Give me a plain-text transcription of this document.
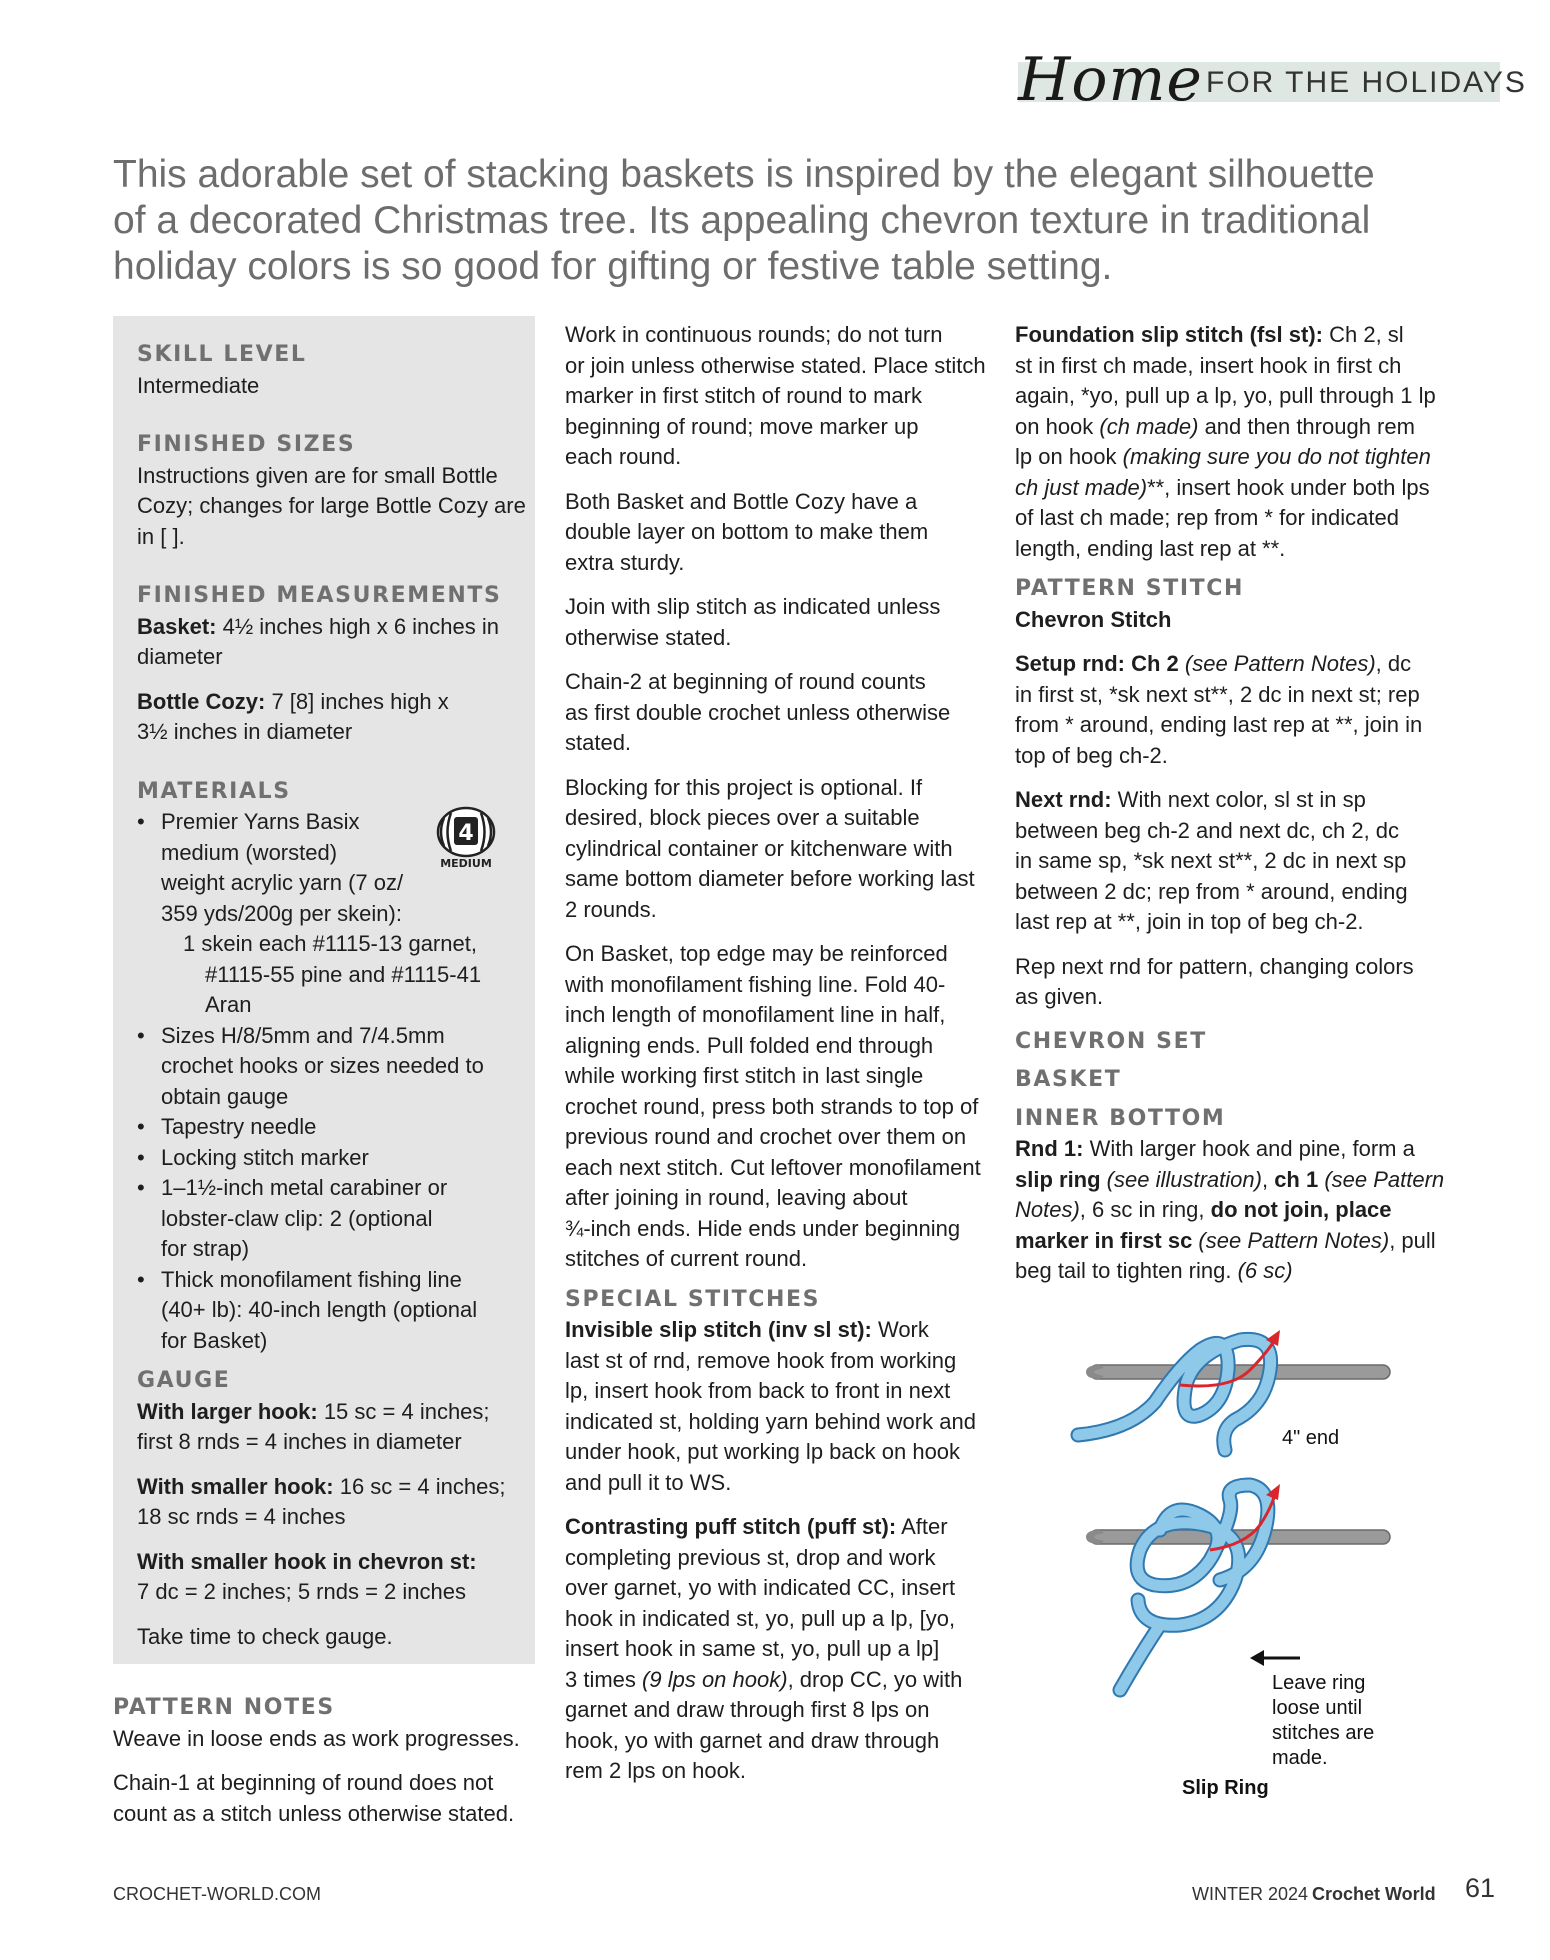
Home FOR THE HOLIDAYS

This adorable set of stacking baskets is inspired by the elegant silhouette

of a decorated Christmas tree. Its appealing chevron texture in traditional

holiday colors is so good for gifting or festive table setting.

SKILL LEVEL

Intermediate

FINISHED SIZES

Instructions given are for small Bottle

Cozy; changes for large Bottle Cozy are

in [ ].

FINISHED MEASUREMENTS

Basket: 4½ inches high x 6 inches in

diameter

Bottle Cozy: 7 [8] inches high x

3½ inches in diameter

MATERIALS
• Premier Yarns Basix
medium (worsted)
weight acrylic yarn (7 oz/
359 yds/200g per skein):
1 skein each #1115-13 garnet,
#1115-55 pine and #1115-41 Aran
• Sizes H/8/5mm and 7/4.5mm
crochet hooks or sizes needed to
obtain gauge
• Tapestry needle
• Locking stitch marker
• 1–1½-inch metal carabiner or
lobster-claw clip: 2 (optional
for strap)
• Thick monofilament fishing line
(40+ lb): 40-inch length (optional
for Basket)
GAUGE

With larger hook: 15 sc = 4 inches;

first 8 rnds = 4 inches in diameter

With smaller hook: 16 sc = 4 inches;

18 sc rnds = 4 inches

With smaller hook in chevron st:

7 dc = 2 inches; 5 rnds = 2 inches

Take time to check gauge.

4
MEDIUM
PATTERN NOTES

Weave in loose ends as work progresses.

Chain-1 at beginning of round does not

count as a stitch unless otherwise stated.

Work in continuous rounds; do not turn

or join unless otherwise stated. Place stitch

marker in first stitch of round to mark

beginning of round; move marker up

each round.

Both Basket and Bottle Cozy have a

double layer on bottom to make them

extra sturdy.

Join with slip stitch as indicated unless

otherwise stated.

Chain-2 at beginning of round counts

as first double crochet unless otherwise

stated.

Blocking for this project is optional. If

desired, block pieces over a suitable

cylindrical container or kitchenware with

same bottom diameter before working last

2 rounds.

On Basket, top edge may be reinforced

with monofilament fishing line. Fold 40-

inch length of monofilament line in half,

aligning ends. Pull folded end through

while working first stitch in last single

crochet round, press both strands to top of

previous round and crochet over them on

each next stitch. Cut leftover monofilament

after joining in round, leaving about

¾-inch ends. Hide ends under beginning

stitches of current round.

SPECIAL STITCHES

Invisible slip stitch (inv sl st): Work

last st of rnd, remove hook from working

lp, insert hook from back to front in next

indicated st, holding yarn behind work and

under hook, put working lp back on hook

and pull it to WS.

Contrasting puff stitch (puff st): After

completing previous st, drop and work

over garnet, yo with indicated CC, insert

hook in indicated st, yo, pull up a lp, [yo,

insert hook in same st, yo, pull up a lp]

3 times (9 lps on hook), drop CC, yo with

garnet and draw through first 8 lps on

hook, yo with garnet and draw through

rem 2 lps on hook.

Foundation slip stitch (fsl st): Ch 2, sl

st in first ch made, insert hook in first ch

again, *yo, pull up a lp, yo, pull through 1 lp

on hook (ch made) and then through rem

lp on hook (making sure you do not tighten

ch just made)**, insert hook under both lps

of last ch made; rep from * for indicated

length, ending last rep at **.

PATTERN STITCH

Chevron Stitch

Setup rnd: Ch 2 (see Pattern Notes), dc

in first st, *sk next st**, 2 dc in next st; rep

from * around, ending last rep at **, join in

top of beg ch-2.

Next rnd: With next color, sl st in sp

between beg ch-2 and next dc, ch 2, dc

in same sp, *sk next st**, 2 dc in next sp

between 2 dc; rep from * around, ending

last rep at **, join in top of beg ch-2.

Rep next rnd for pattern, changing colors

as given.

CHEVRON SET
BASKET
INNER BOTTOM

Rnd 1: With larger hook and pine, form a

slip ring (see illustration), ch 1 (see Pattern

Notes), 6 sc in ring, do not join, place

marker in first sc (see Pattern Notes), pull

beg tail to tighten ring. (6 sc)

4" end
Leave ring loose until stitches are made.
Slip Ring
CROCHET-WORLD.COM	WINTER 2024 Crochet World 61
